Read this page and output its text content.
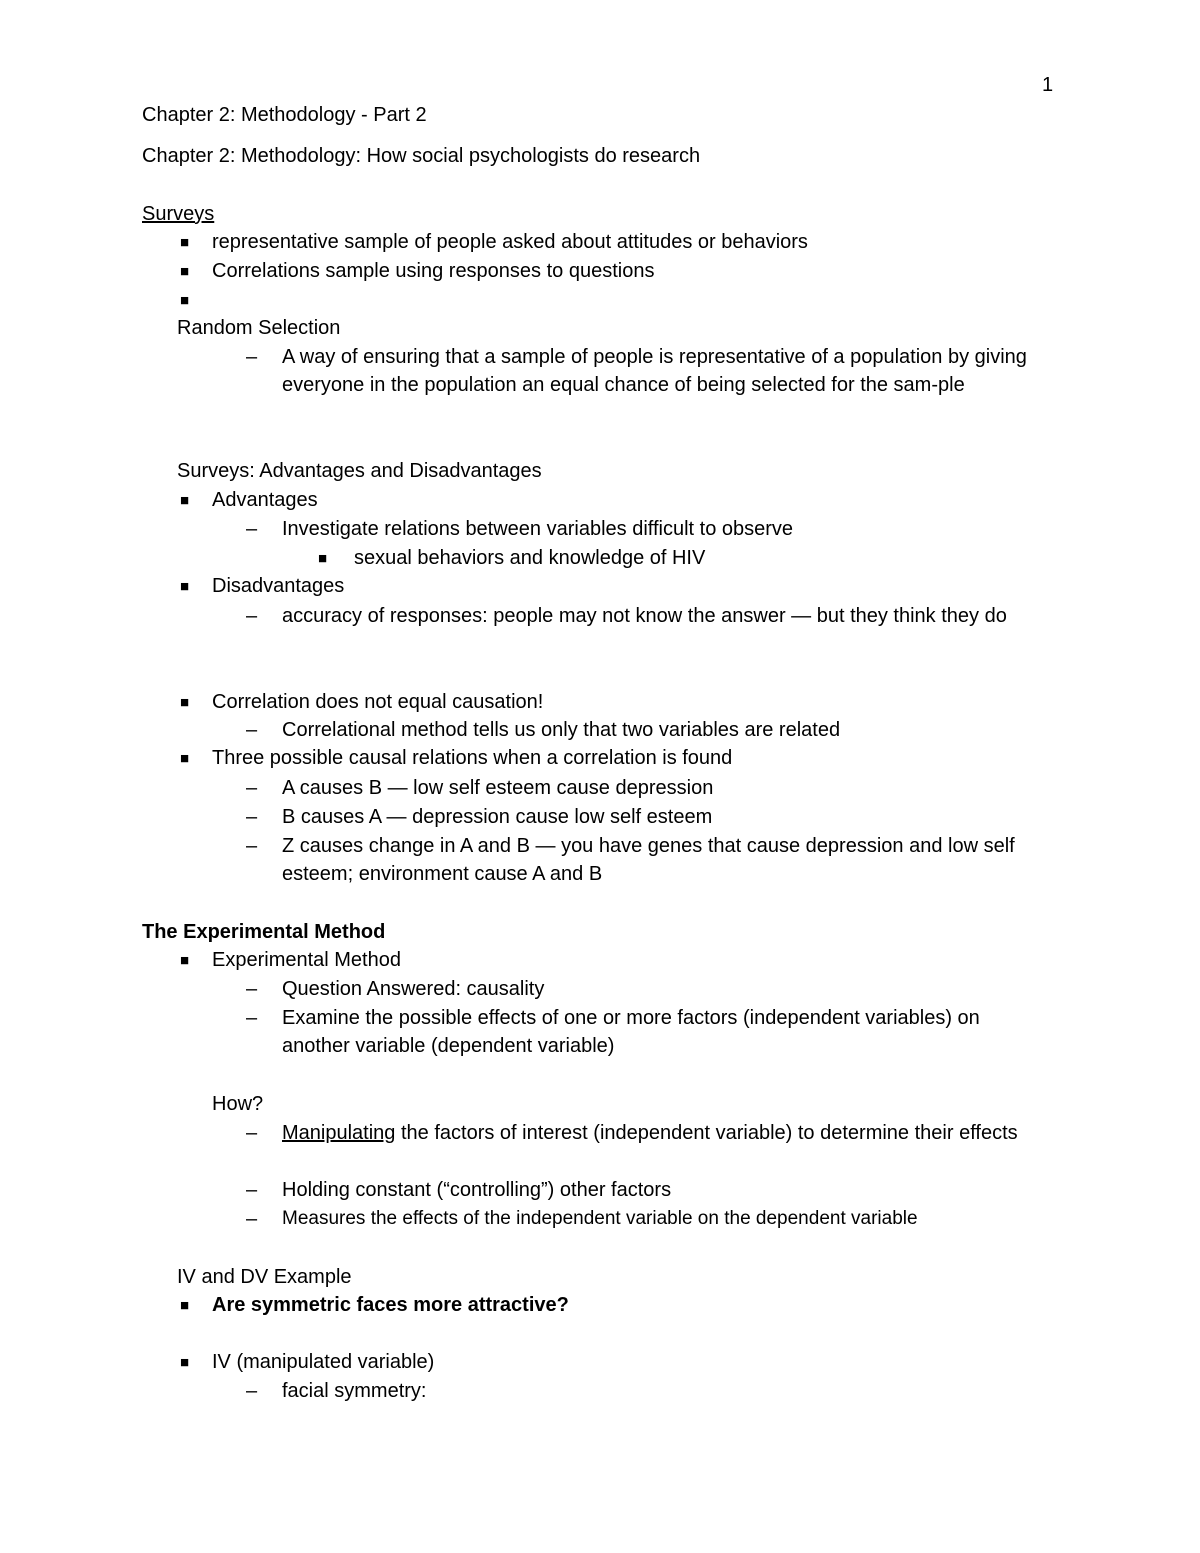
1
Chapter 2: Methodology - Part 2
Chapter 2: Methodology: How social psychologists do research
Surveys
■ representative sample of people asked about attitudes or behaviors
■ Correlations sample using responses to questions
■
Random Selection
– A way of ensuring that a sample of people is representative of a population by giving everyone in the population an equal chance of being selected for the sam-ple
Surveys: Advantages and Disadvantages
■ Advantages
– Investigate relations between variables difficult to observe
■ sexual behaviors and knowledge of HIV
■ Disadvantages
– accuracy of responses: people may not know the answer — but they think they do
■ Correlation does not equal causation!
– Correlational method tells us only that two variables are related
■ Three possible causal relations when a correlation is found
– A causes B — low self esteem cause depression
– B causes A — depression cause low self esteem
– Z causes change in A and B — you have genes that cause depression and low self esteem; environment cause A and B
The Experimental Method
■ Experimental Method
– Question Answered: causality
– Examine the possible effects of one or more factors (independent variables) on another variable (dependent variable)
How?
– Manipulating the factors of interest (independent variable) to determine their effects
– Holding constant (“controlling”) other factors
– Measures the effects of the independent variable on the dependent variable
IV and DV Example
■ Are symmetric faces more attractive?
■ IV (manipulated variable)
– facial symmetry:
